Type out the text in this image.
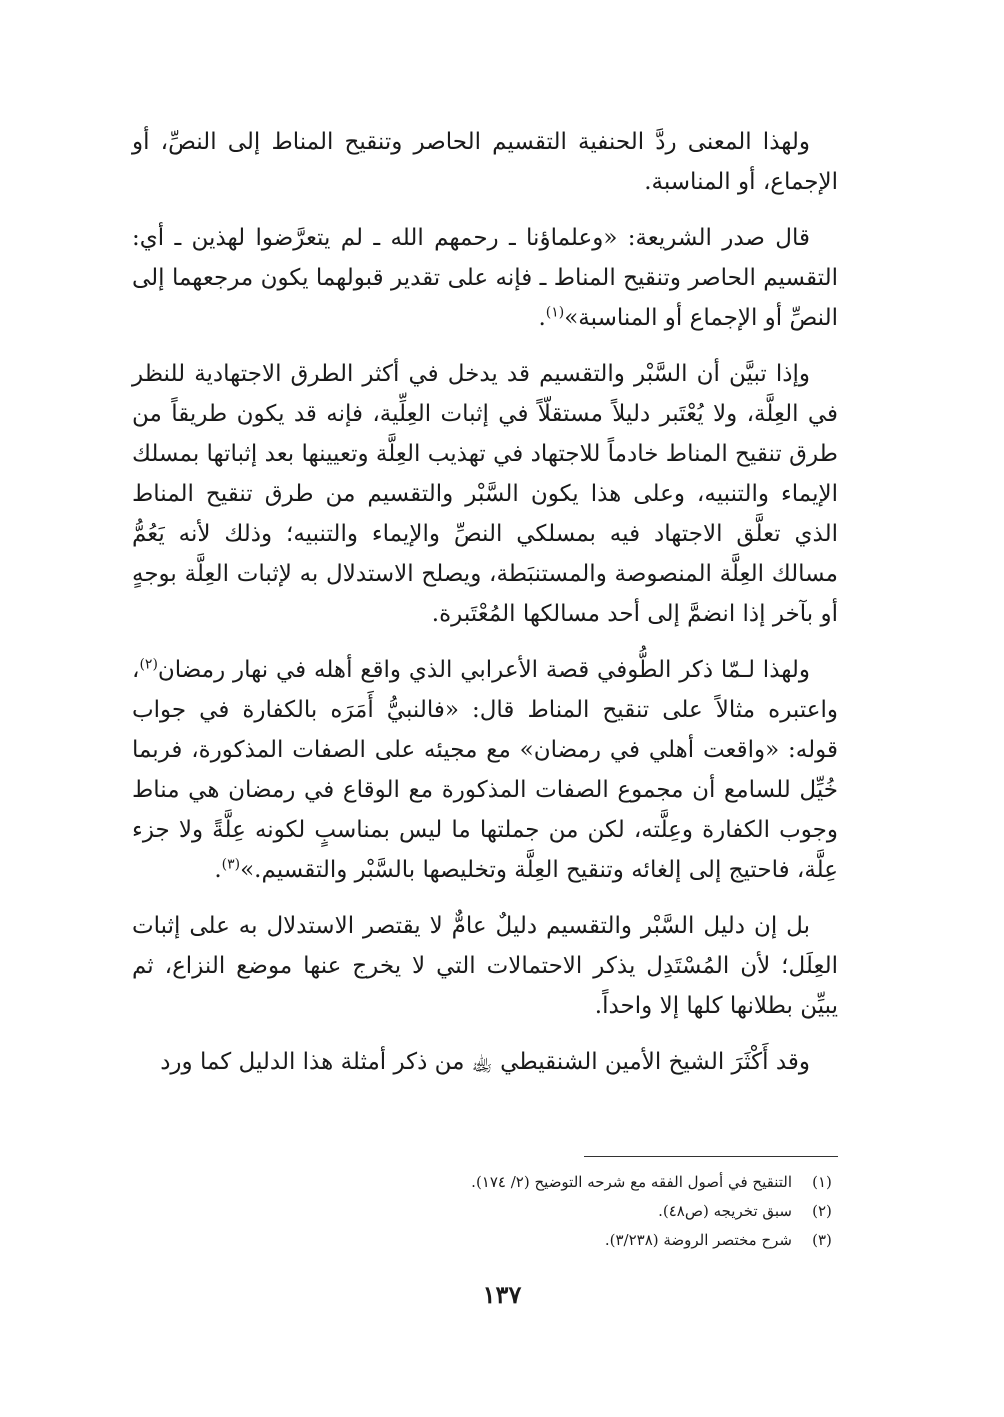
ولهذا المعنى ردَّ الحنفية التقسيم الحاصر وتنقيح المناط إلى النصِّ، أو الإجماع، أو المناسبة.

قال صدر الشريعة: «وعلماؤنا ـ رحمهم الله ـ لم يتعرَّضوا لهذين ـ أي: التقسيم الحاصر وتنقيح المناط ـ فإنه على تقدير قبولهما يكون مرجعهما إلى النصِّ أو الإجماع أو المناسبة»$^{(١)}$.

وإذا تبيَّن أن السَّبْر والتقسيم قد يدخل في أكثر الطرق الاجتهادية للنظر في العِلَّة، ولا يُعْتَبر دليلاً مستقلّاً في إثبات العِلِّية، فإنه قد يكون طريقاً من طرق تنقيح المناط خادماً للاجتهاد في تهذيب العِلَّة وتعيينها بعد إثباتها بمسلك الإيماء والتنبيه، وعلى هذا يكون السَّبْر والتقسيم من طرق تنقيح المناط الذي تعلَّق الاجتهاد فيه بمسلكي النصِّ والإيماء والتنبيه؛ وذلك لأنه يَعُمُّ مسالك العِلَّة المنصوصة والمستنبَطة، ويصلح الاستدلال به لإثبات العِلَّة بوجهٍ أو بآخر إذا انضمَّ إلى أحد مسالكها المُعْتَبرة.

ولهذا لـمّا ذكر الطُّوفي قصة الأعرابي الذي واقع أهله في نهار رمضان$^{(٢)}$، واعتبره مثالاً على تنقيح المناط قال: «فالنبيُّ أَمَرَه بالكفارة في جواب قوله: «واقعت أهلي في رمضان» مع مجيئه على الصفات المذكورة، فربما خُيِّل للسامع أن مجموع الصفات المذكورة مع الوقاع في رمضان هي مناط وجوب الكفارة وعِلَّته، لكن من جملتها ما ليس بمناسبٍ لكونه عِلَّةً ولا جزء عِلَّة، فاحتيج إلى إلغائه وتنقيح العِلَّة وتخليصها بالسَّبْر والتقسيم.»$^{(٣)}$.

بل إن دليل السَّبْر والتقسيم دليلٌ عامٌّ لا يقتصر الاستدلال به على إثبات العِلَل؛ لأن المُسْتَدِل يذكر الاحتمالات التي لا يخرج عنها موضع النزاع، ثم يبيِّن بطلانها كلها إلا واحداً.

وقد أَكْثَرَ الشيخ الأمين الشنقيطي ﵀ من ذكر أمثلة هذا الدليل كما ورد

(١)التنقيح في أصول الفقه مع شرحه التوضيح (٢/ ١٧٤).
(٢)سبق تخريجه (ص٤٨).
(٣)شرح مختصر الروضة (٣/٢٣٨).
١٣٧
